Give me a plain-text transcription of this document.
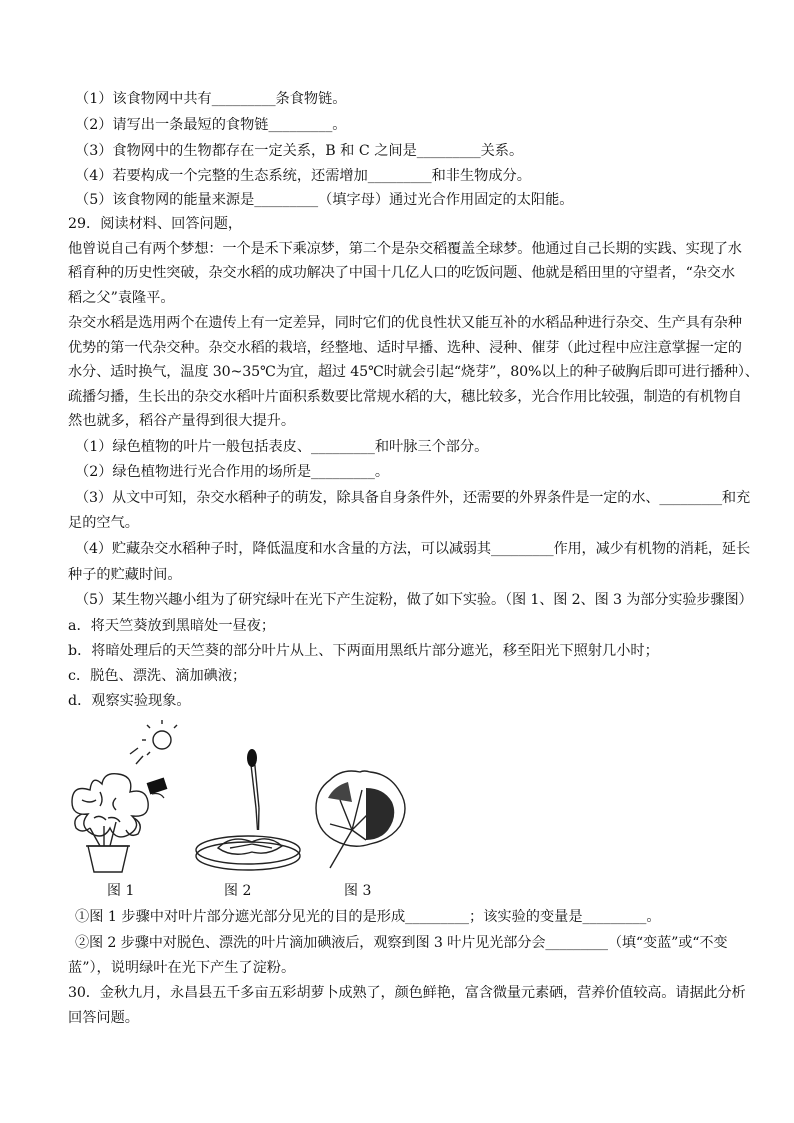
（1）该食物网中共有_________条食物链。
（2）请写出一条最短的食物链_________。
（3）食物网中的生物都存在一定关系，B 和 C 之间是_________关系。
（4）若要构成一个完整的生态系统，还需增加_________和非生物成分。
（5）该食物网的能量来源是_________（填字母）通过光合作用固定的太阳能。
29．阅读材料、回答问题，
他曾说自己有两个梦想：一个是禾下乘凉梦，第二个是杂交稻覆盖全球梦。他通过自己长期的实践、实现了水
稻育种的历史性突破，杂交水稻的成功解决了中国十几亿人口的吃饭问题、他就是稻田里的守望者，“杂交水
稻之父”袁隆平。
杂交水稻是选用两个在遗传上有一定差异，同时它们的优良性状又能互补的水稻品种进行杂交、生产具有杂种
优势的第一代杂交种。杂交水稻的栽培，经整地、适时早播、选种、浸种、催芽（此过程中应注意掌握一定的
水分、适时换气，温度 30~35℃为宜，超过 45℃时就会引起“烧芽”，80%以上的种子破胸后即可进行播种）、
疏播匀播，生长出的杂交水稻叶片面积系数要比常规水稻的大，穗比较多，光合作用比较强，制造的有机物自
然也就多，稻谷产量得到很大提升。
（1）绿色植物的叶片一般包括表皮、_________和叶脉三个部分。
（2）绿色植物进行光合作用的场所是_________。
（3）从文中可知，杂交水稻种子的萌发，除具备自身条件外，还需要的外界条件是一定的水、_________和充
足的空气。
（4）贮藏杂交水稻种子时，降低温度和水含量的方法，可以减弱其_________作用，减少有机物的消耗，延长
种子的贮藏时间。
（5）某生物兴趣小组为了研究绿叶在光下产生淀粉，做了如下实验。（图 1、图 2、图 3 为部分实验步骤图）
a．将天竺葵放到黑暗处一昼夜；
b．将暗处理后的天竺葵的部分叶片从上、下两面用黑纸片部分遮光，移至阳光下照射几小时；
c．脱色、漂洗、滴加碘液；
d．观察实验现象。
图 1	图 2	图 3
①图 1 步骤中对叶片部分遮光部分见光的目的是形成_________；该实验的变量是_________。
②图 2 步骤中对脱色、漂洗的叶片滴加碘液后，观察到图 3 叶片见光部分会_________（填“变蓝”或“不变
蓝”），说明绿叶在光下产生了淀粉。
30．金秋九月，永昌县五千多亩五彩胡萝卜成熟了，颜色鲜艳，富含微量元素硒，营养价值较高。请据此分析
回答问题。
